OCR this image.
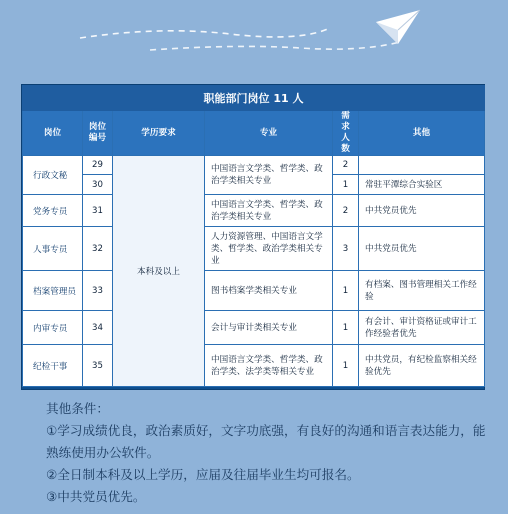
职能部门岗位 11 人					
岗位	岗位编号	学历要求	专业	需求人数	其他
行政文秘	29	本科及以上	中国语言文学类、哲学类、政治学类相关专业	2	
	30			1	常驻平潭综合实验区
党务专员	31		中国语言文学类、哲学类、政治学类相关专业	2	中共党员优先
人事专员	32		人力资源管理、中国语言文学类、哲学类、政治学类相关专业	3	中共党员优先
档案管理员	33		图书档案学类相关专业	1	有档案、图书管理相关工作经验
内审专员	34		会计与审计类相关专业	1	有会计、审计资格证或审计工作经验者优先
纪检干事	35		中国语言文学类、哲学类、政治学类、法学类等相关专业	1	中共党员，有纪检监察相关经验优先

其他条件：

①学习成绩优良，政治素质好，文字功底强，有良好的沟通和语言表达能力，能熟练使用办公软件。

②全日制本科及以上学历，应届及往届毕业生均可报名。

③中共党员优先。
